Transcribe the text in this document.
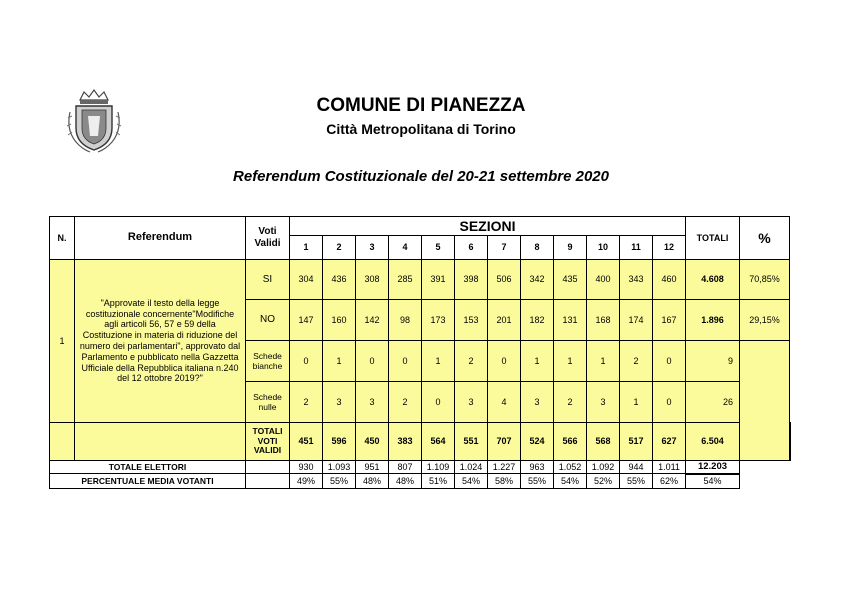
COMUNE DI PIANEZZA
Città Metropolitana di Torino
Referendum Costituzionale del 20-21 settembre 2020
N.	Referendum	Voti Validi	SEZIONI												TOTALI	%	
			1	2	3	4	5	6	7	8	9	10	11	12			
1	"Approvate il testo della legge costituzionale concernente"Modifiche agli articoli 56, 57 e 59 della Costituzione in materia di riduzione del numero dei parlamentari", approvato dal Parlamento e pubblicato nella Gazzetta Ufficiale della Repubblica italiana n.240 del 12 ottobre 2019?"	SI	304	436	308	285	391	398	506	342	435	400	343	460	4.608	70,85%	
		NO	147	160	142	98	173	153	201	182	131	168	174	167	1.896	29,15%	
		Schede bianche	0	1	0	0	1	2	0	1	1	1	2	0	9		
		Schede nulle	2	3	3	2	0	3	4	3	2	3	1	0	26		
		TOTALI VOTI VALIDI	451	596	450	383	564	551	707	524	566	568	517	627	6.504		
TOTALE ELETTORI			930	1.093	951	807	1.109	1.024	1.227	963	1.052	1.092	944	1.011	12.203		
PERCENTUALE MEDIA VOTANTI			49%	55%	48%	48%	51%	54%	58%	55%	54%	52%	55%	62%	54%		
